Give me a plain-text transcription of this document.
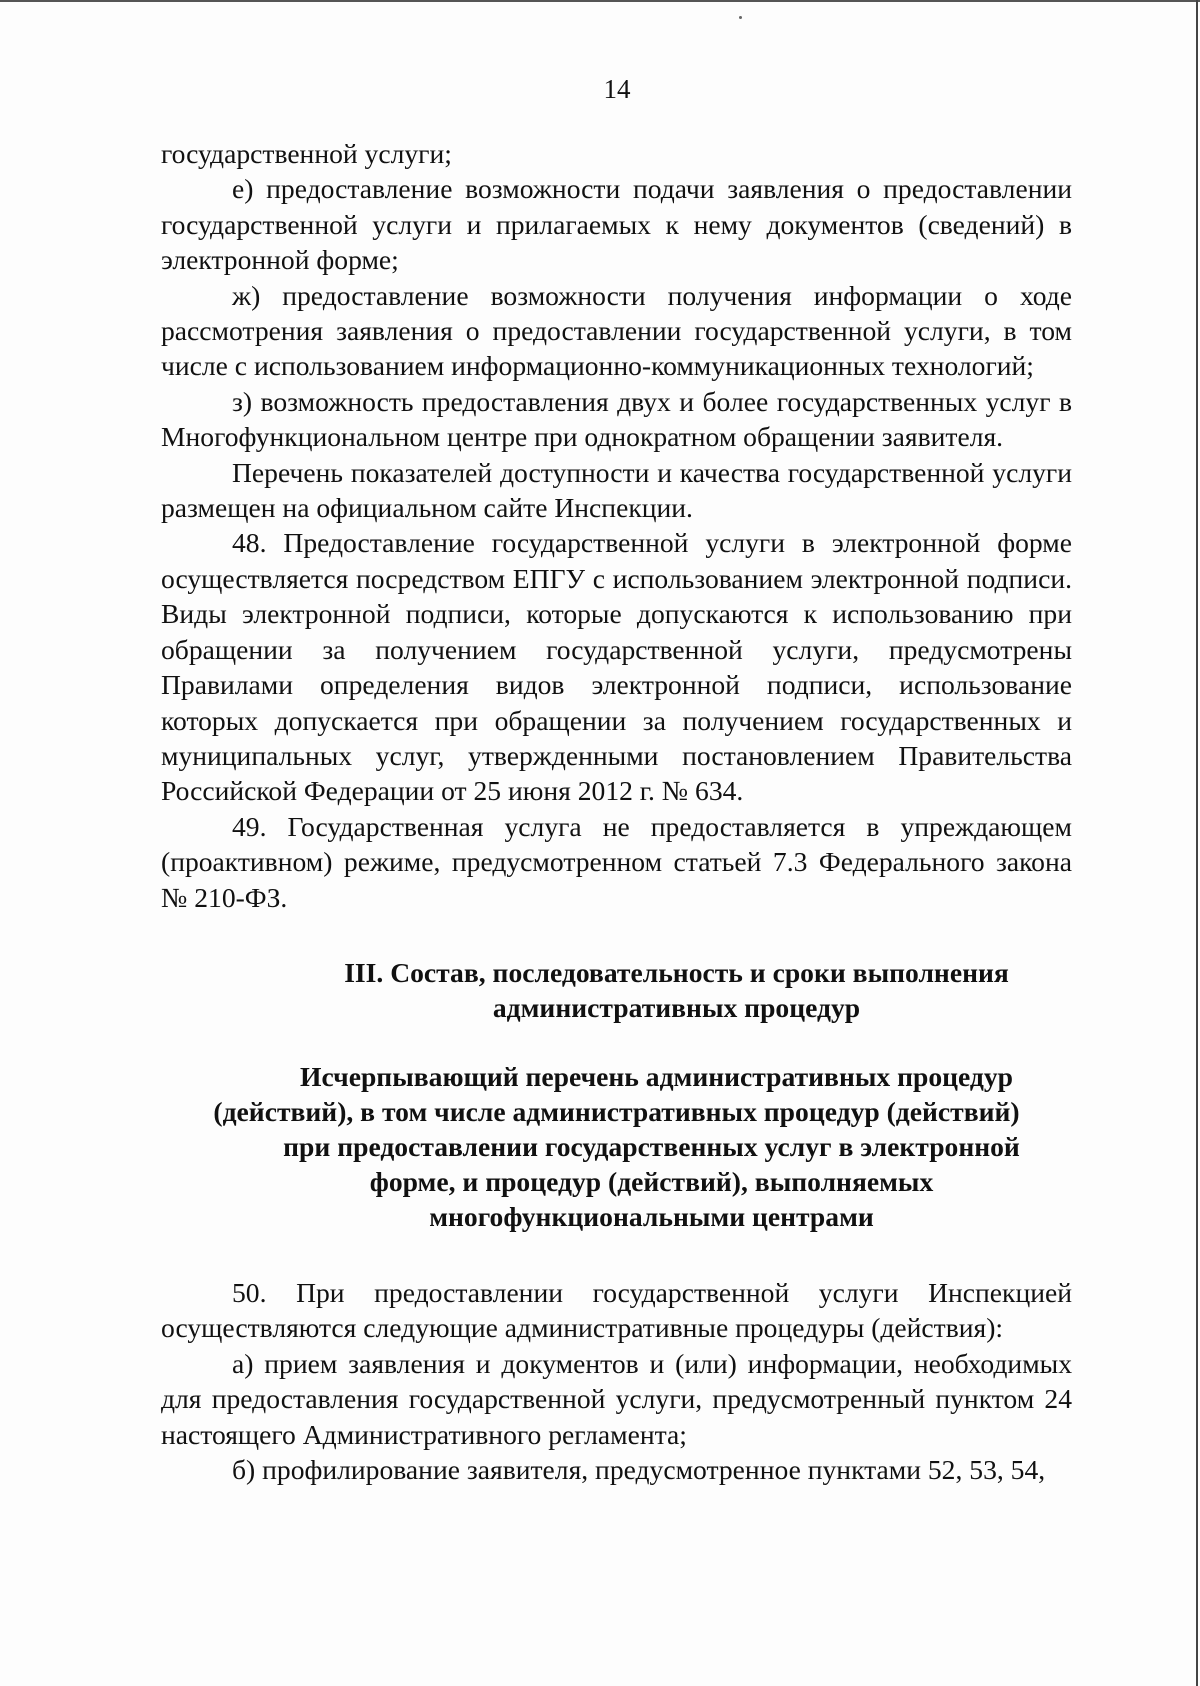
14

государственной услуги;

е) предоставление возможности подачи заявления о предоставлении государственной услуги и прилагаемых к нему документов (сведений) в электронной форме;

ж) предоставление возможности получения информации о ходе рассмотрения заявления о предоставлении государственной услуги, в том числе с использованием информационно-коммуникационных технологий;

з) возможность предоставления двух и более государственных услуг в Многофункциональном центре при однократном обращении заявителя.

Перечень показателей доступности и качества государственной услуги размещен на официальном сайте Инспекции.

48. Предоставление государственной услуги в электронной форме осуществляется посредством ЕПГУ с использованием электронной подписи. Виды электронной подписи, которые допускаются к использованию при обращении за получением государственной услуги, предусмотрены Правилами определения видов электронной подписи, использование которых допускается при обращении за получением государственных и муниципальных услуг, утвержденными постановлением Правительства Российской Федерации от 25 июня 2012 г. № 634.

49. Государственная услуга не предоставляется в упреждающем (проактивном) режиме, предусмотренном статьей 7.3 Федерального закона № 210-ФЗ.

III. Состав, последовательность и сроки выполнения
административных процедур
Исчерпывающий перечень административных процедур
(действий), в том числе административных процедур (действий)
при предоставлении государственных услуг в электронной
форме, и процедур (действий), выполняемых
многофункциональными центрами

50. При предоставлении государственной услуги Инспекцией осуществляются следующие административные процедуры (действия):

а) прием заявления и документов и (или) информации, необходимых для предоставления государственной услуги, предусмотренный пунктом 24 настоящего Административного регламента;

б) профилирование заявителя, предусмотренное пунктами 52, 53, 54,
